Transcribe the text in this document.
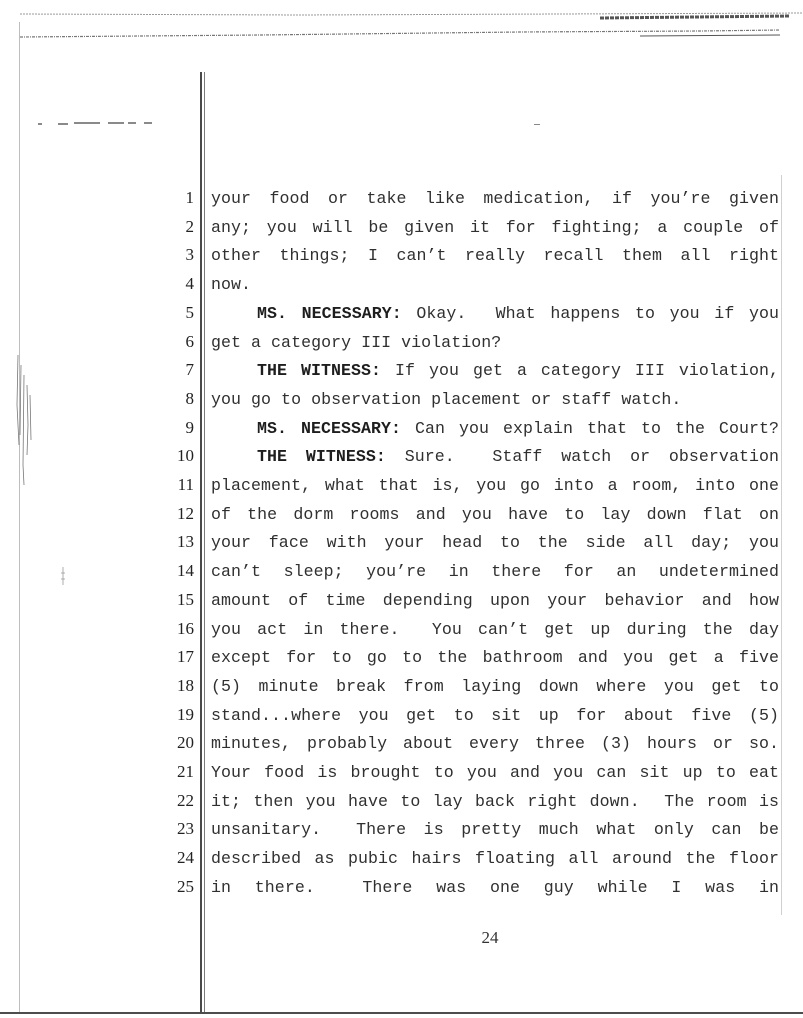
1 your food or take like medication, if you’re given
2 any; you will be given it for fighting; a couple of
3 other things; I can’t really recall them all right
4 now.
5	MS. NECESSARY: Okay.  What happens to you if you
6 get a category III violation?
7	THE WITNESS: If you get a category III violation,
8 you go to observation placement or staff watch.
9	MS. NECESSARY: Can you explain that to the Court?
10	THE WITNESS: Sure.  Staff watch or observation
11 placement, what that is, you go into a room, into one
12 of the dorm rooms and you have to lay down flat on
13 your face with your head to the side all day; you
14 can’t sleep; you’re in there for an undetermined
15 amount of time depending upon your behavior and how
16 you act in there.  You can’t get up during the day
17 except for to go to the bathroom and you get a five
18 (5) minute break from laying down where you get to
19 stand...where you get to sit up for about five (5)
20 minutes, probably about every three (3) hours or so.
21 Your food is brought to you and you can sit up to eat
22 it; then you have to lay back right down.  The room is
23 unsanitary.  There is pretty much what only can be
24 described as pubic hairs floating all around the floor
25 in there.  There was one guy while I was in
24
